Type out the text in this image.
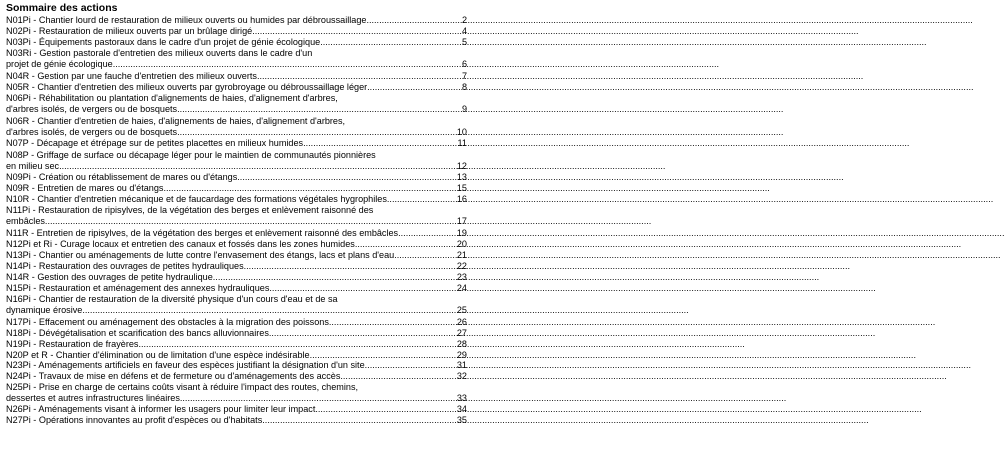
Sommaire des actions
N01Pi - Chantier lourd de restauration de milieux ouverts ou humides par débroussaillage .....	2
N02Pi - Restauration de milieux ouverts par un brûlage dirigé .....	4
N03Pi - Équipements pastoraux dans le cadre d'un projet de génie écologique .....	5
N03Ri - Gestion pastorale d'entretien des milieux ouverts dans le cadre d'un
projet de génie écologique .....	6
N04R - Gestion par une fauche d'entretien des milieux ouverts .....	7
N05R - Chantier d'entretien des milieux ouverts par gyrobroyage ou débroussaillage léger .....	8
N06Pi - Réhabilitation ou plantation d'alignements de haies, d'alignement d'arbres,
d'arbres isolés, de vergers ou de bosquets .....	9
N06R - Chantier d'entretien de haies, d'alignements de haies, d'alignement d'arbres,
d'arbres isolés, de vergers ou de bosquets .....	10
N07P - Décapage et étrépage sur de petites placettes en milieux humides .....	11
N08P - Griffage de surface ou décapage léger pour le maintien de communautés pionnières
en milieu sec .....	12
N09Pi - Création ou rétablissement de mares ou d'étangs .....	13
N09R - Entretien de mares ou d'étangs .....	15
N10R - Chantier d'entretien mécanique et de faucardage des formations végétales hygrophiles .....	16
N11Pi - Restauration de ripisylves, de la végétation des berges et enlèvement raisonné des
embâcles .....	17
N11R - Entretien de ripisylves, de la végétation des berges et enlèvement raisonné des embâcles .....	19
N12Pi et Ri - Curage locaux et entretien des canaux et fossés dans les zones humides .....	20
N13Pi - Chantier ou aménagements de lutte contre l'envasement des étangs, lacs et plans d'eau .....	21
N14Pi - Restauration des ouvrages de petites hydrauliques .....	22
N14R - Gestion des ouvrages de petite hydraulique .....	23
N15Pi - Restauration et aménagement des annexes hydrauliques .....	24
N16Pi - Chantier de restauration de la diversité physique d'un cours d'eau et de sa
dynamique érosive .....	25
N17Pi - Effacement ou aménagement des obstacles à la migration des poissons .....	26
N18Pi - Dévégétalisation et scarification des bancs alluvionnaires .....	27
N19Pi - Restauration de frayères .....	28
N20P et R - Chantier d'élimination ou de limitation d'une espèce indésirable .....	29
N23Pi - Aménagements artificiels en faveur des espèces justifiant la désignation d'un site .....	31
N24Pi - Travaux de mise en défens et de fermeture ou d'aménagements des accès .....	32
N25Pi - Prise en charge de certains coûts visant à réduire l'impact des routes, chemins,
dessertes et autres infrastructures linéaires .....	33
N26Pi - Aménagements visant à informer les usagers pour limiter leur impact .....	34
N27Pi - Opérations innovantes au profit d'espèces ou d'habitats .....	35
